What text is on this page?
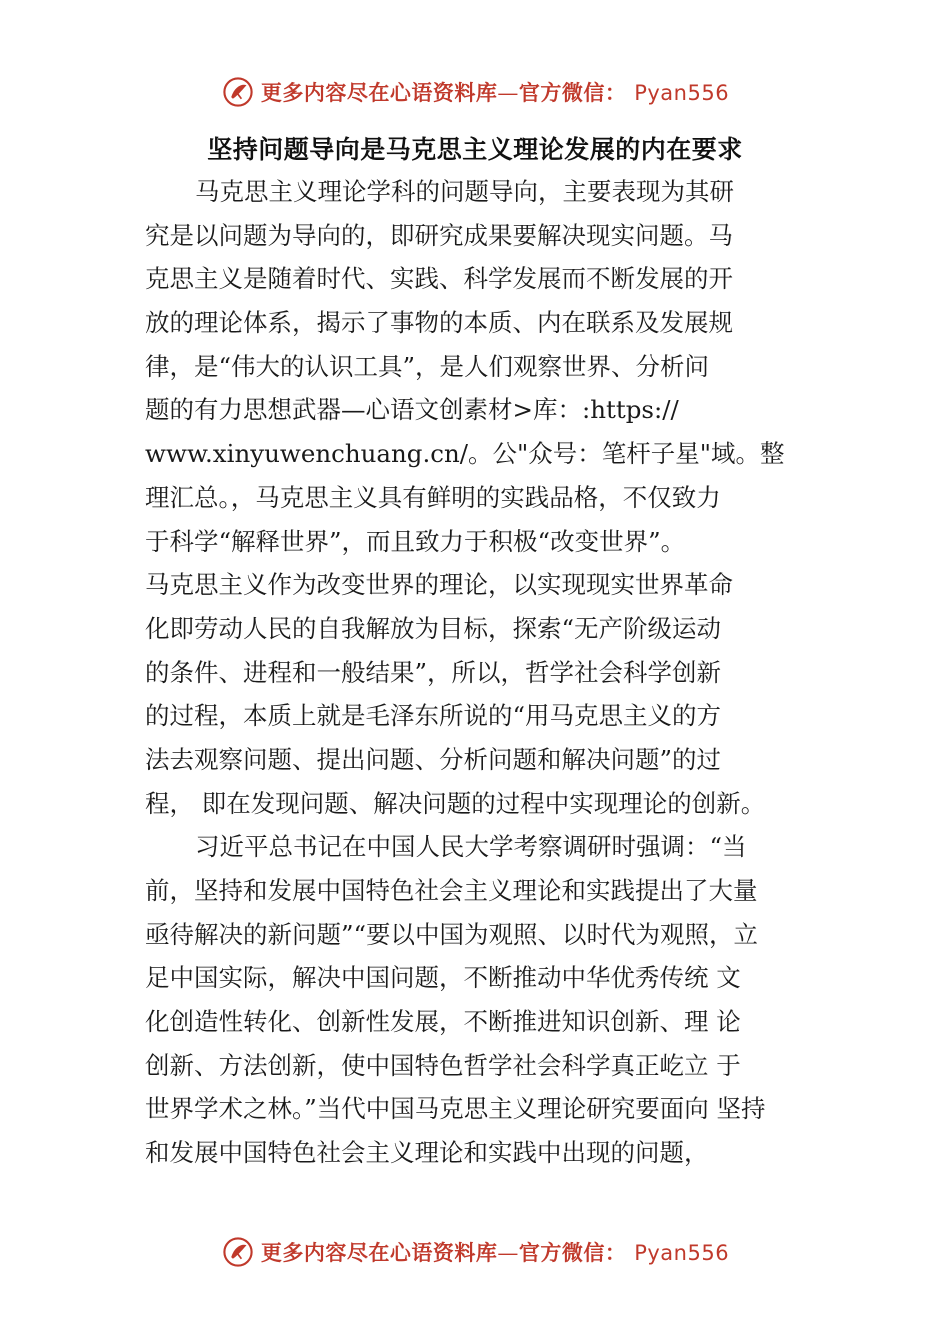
更多内容尽在心语资料库—官方微信： Pyan556
坚持问题导向是马克思主义理论发展的内在要求
马克思主义理论学科的问题导向，主要表现为其研
究是以问题为导向的，即研究成果要解决现实问题。马
克思主义是随着时代、实践、科学发展而不断发展的开
放的理论体系，揭示了事物的本质、内在联系及发展规
律，是“伟大的认识工具”，是人们观察世界、分析问
题的有力思想武器—心语文创素材>库：:https://
www.xinyuwenchuang.cn/。公"众号：笔杆子星"域。整
理汇总。，马克思主义具有鲜明的实践品格，不仅致力
于科学“解释世界”，而且致力于积极“改变世界”。
马克思主义作为改变世界的理论，以实现现实世界革命
化即劳动人民的自我解放为目标，探索“无产阶级运动
的条件、进程和一般结果”，所以，哲学社会科学创新
的过程，本质上就是毛泽东所说的“用马克思主义的方
法去观察问题、提出问题、分析问题和解决问题”的过
程， 即在发现问题、解决问题的过程中实现理论的创新。
习近平总书记在中国人民大学考察调研时强调：“当
前，坚持和发展中国特色社会主义理论和实践提出了大量
亟待解决的新问题”“要以中国为观照、以时代为观照，立
足中国实际，解决中国问题，不断推动中华优秀传统 文
化创造性转化、创新性发展，不断推进知识创新、理 论
创新、方法创新，使中国特色哲学社会科学真正屹立 于
世界学术之林。”当代中国马克思主义理论研究要面向 坚持
和发展中国特色社会主义理论和实践中出现的问题，
更多内容尽在心语资料库—官方微信： Pyan556
